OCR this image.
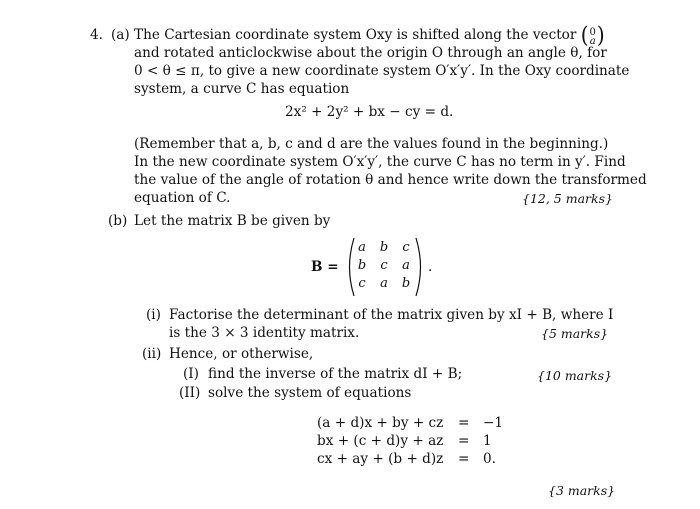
4. (a) The Cartesian coordinate system Oxy is shifted along the vector ( 0
a )
and rotated anticlockwise about the origin O through an angle θ, for
0 < θ ≤ π, to give a new coordinate system O′x′y′. In the Oxy coordinate
system, a curve C has equation
2x² + 2y² + bx − cy = d.
(Remember that a, b, c and d are the values found in the beginning.)
In the new coordinate system O′x′y′, the curve C has no term in y′. Find
the value of the angle of rotation θ and hence write down the transformed
equation of C.	{12, 5 marks}
(b) Let the matrix B be given by
B =
a	b	c
b	c	a
c	a	b
.
(i) Factorise the determinant of the matrix given by xI + B, where I
is the 3 × 3 identity matrix.	{5 marks}
(ii) Hence, or otherwise,
(I) find the inverse of the matrix dI + B;	{10 marks}
(II) solve the system of equations
(a + d)x + by + cz = −1
bx + (c + d)y + az = 1
cx + ay + (b + d)z = 0.
{3 marks}
